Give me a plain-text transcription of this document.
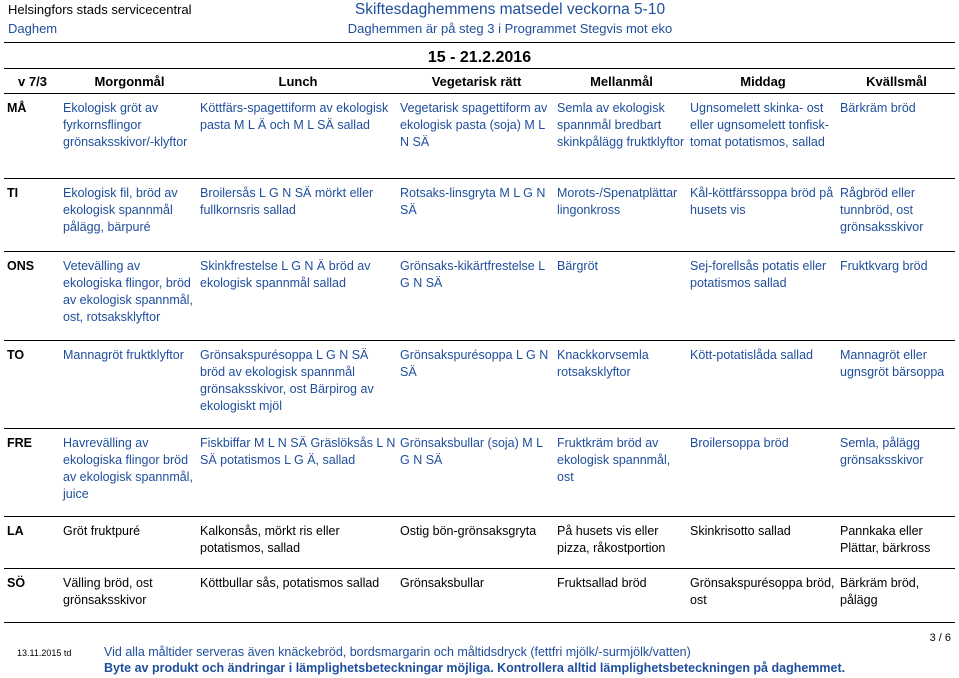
Helsingfors stads servicecentral
Daghem
Skiftesdaghemmens matsedel veckorna 5-10
Daghemmen är på steg 3 i Programmet Stegvis mot eko
15 - 21.2.2016
v 7/3	Morgonmål	Lunch	Vegetarisk rätt	Mellanmål	Middag	Kvällsmål
MÅ	Ekologisk gröt av fyrkornsflingor grönsaksskivor/-klyftor	Köttfärs-spagettiform av ekologisk pasta M L Ä och M L SÄ sallad	Vegetarisk spagettiform av ekologisk pasta (soja) M L N SÄ	Semla av ekologisk spannmål bredbart skinkpålägg fruktklyftor	Ugnsomelett skinka- ost eller ugnsomelett tonfisk-tomat potatismos, sallad	Bärkräm bröd
TI	Ekologisk fil, bröd av ekologisk spannmål pålägg, bärpuré	Broilersås L G N SÄ mörkt eller fullkornsris sallad	Rotsaks-linsgryta M L G N SÄ	Morots-/Spenatplättar lingonkross	Kål-köttfärssoppa bröd på husets vis	Rågbröd eller tunnbröd, ost grönsaksskivor
ONS	Vetevälling av ekologiska flingor, bröd av ekologisk spannmål, ost, rotsaksklyftor	Skinkfrestelse L G N Ä bröd av ekologisk spannmål sallad	Grönsaks-kikärtfrestelse L G N SÄ	Bärgröt	Sej-forellsås potatis eller potatismos sallad	Fruktkvarg bröd
TO	Mannagröt fruktklyftor	Grönsakspurésoppa L G N SÄ bröd av ekologisk spannmål grönsaksskivor, ost Bärpirog av ekologiskt mjöl	Grönsakspurésoppa L G N SÄ	Knackkorvsemla rotsaksklyftor	Kött-potatislåda sallad	Mannagröt eller ugnsgröt bärsoppa
FRE	Havrevälling av ekologiska flingor bröd av ekologisk spannmål, juice	Fiskbiffar M L N SÄ Gräslöksås L N SÄ potatismos L G Ä, sallad	Grönsaksbullar (soja) M L G N SÄ	Fruktkräm bröd av ekologisk spannmål, ost	Broilersoppa bröd	Semla, pålägg grönsaksskivor
LA	Gröt fruktpuré	Kalkonsås, mörkt ris eller potatismos, sallad	Ostig bön-grönsaksgryta	På husets vis eller pizza, råkostportion	Skinkrisotto sallad	Pannkaka eller Plättar, bärkross
SÖ	Välling bröd, ost grönsaksskivor	Köttbullar sås, potatismos sallad	Grönsaksbullar	Fruktsallad bröd	Grönsakspurésoppa bröd, ost	Bärkräm bröd, pålägg
3 / 6
13.11.2015 td	Vid alla måltider serveras även knäckebröd, bordsmargarin och måltidsdryck (fettfri mjölk/-surmjölk/vatten)
Byte av produkt och ändringar i lämplighetsbeteckningar möjliga. Kontrollera alltid lämplighetsbeteckningen på daghemmet.
